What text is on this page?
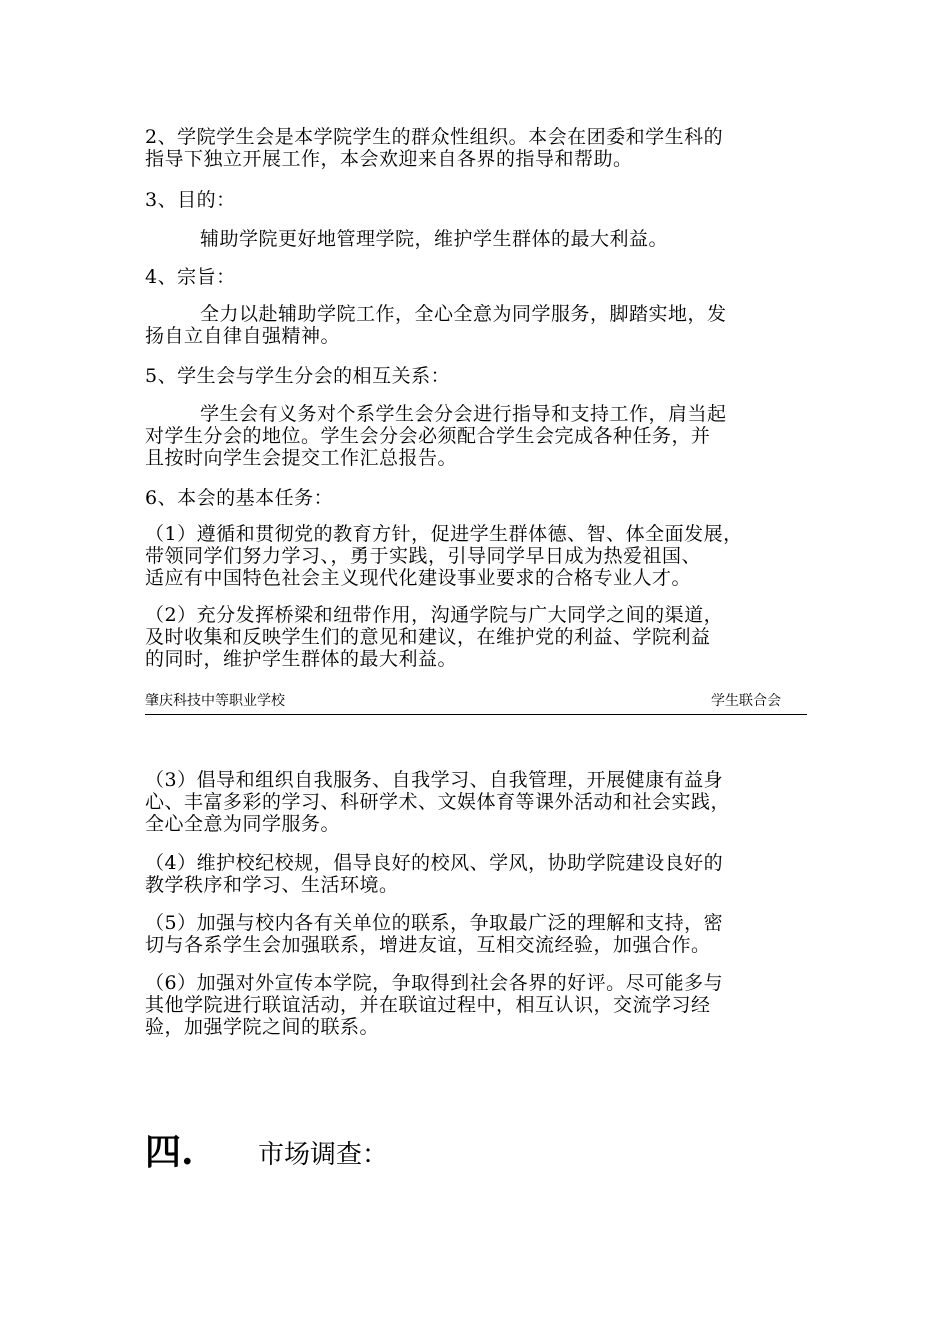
2、学院学生会是本学院学生的群众性组织。本会在团委和学生科的
指导下独立开展工作，本会欢迎来自各界的指导和帮助。
3、目的：
辅助学院更好地管理学院，维护学生群体的最大利益。
4、宗旨：
全力以赴辅助学院工作，全心全意为同学服务，脚踏实地，发
扬自立自律自强精神。
5、学生会与学生分会的相互关系：
学生会有义务对个系学生会分会进行指导和支持工作，肩当起
对学生分会的地位。学生会分会必须配合学生会完成各种任务，并
且按时向学生会提交工作汇总报告。
6、本会的基本任务：
（1）遵循和贯彻党的教育方针，促进学生群体德、智、体全面发展，
带领同学们努力学习、，勇于实践，引导同学早日成为热爱祖国、
适应有中国特色社会主义现代化建设事业要求的合格专业人才。
（2）充分发挥桥梁和纽带作用，沟通学院与广大同学之间的渠道，
及时收集和反映学生们的意见和建议，在维护党的利益、学院利益
的同时，维护学生群体的最大利益。
肇庆科技中等职业学校	学生联合会
（3）倡导和组织自我服务、自我学习、自我管理，开展健康有益身
心、丰富多彩的学习、科研学术、文娱体育等课外活动和社会实践，
全心全意为同学服务。
（4）维护校纪校规，倡导良好的校风、学风，协助学院建设良好的
教学秩序和学习、生活环境。
（5）加强与校内各有关单位的联系，争取最广泛的理解和支持，密
切与各系学生会加强联系，增进友谊，互相交流经验，加强合作。
（6）加强对外宣传本学院，争取得到社会各界的好评。尽可能多与
其他学院进行联谊活动，并在联谊过程中，相互认识，交流学习经
验，加强学院之间的联系。
四. 市场调查：
